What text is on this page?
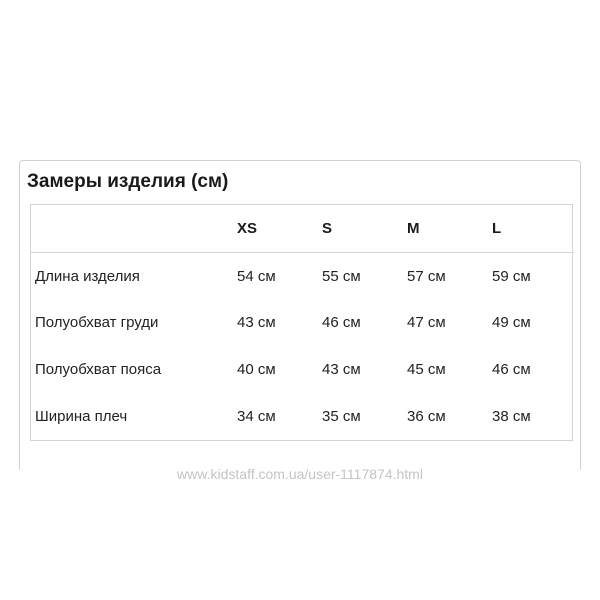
Замеры изделия (см)
	XS	S	M	L
Длина изделия	54 см	55 см	57 см	59 см
Полуобхват груди	43 см	46 см	47 см	49 см
Полуобхват пояса	40 см	43 см	45 см	46 см
Ширина плеч	34 см	35 см	36 см	38 см
www.kidstaff.com.ua/user-1117874.html
